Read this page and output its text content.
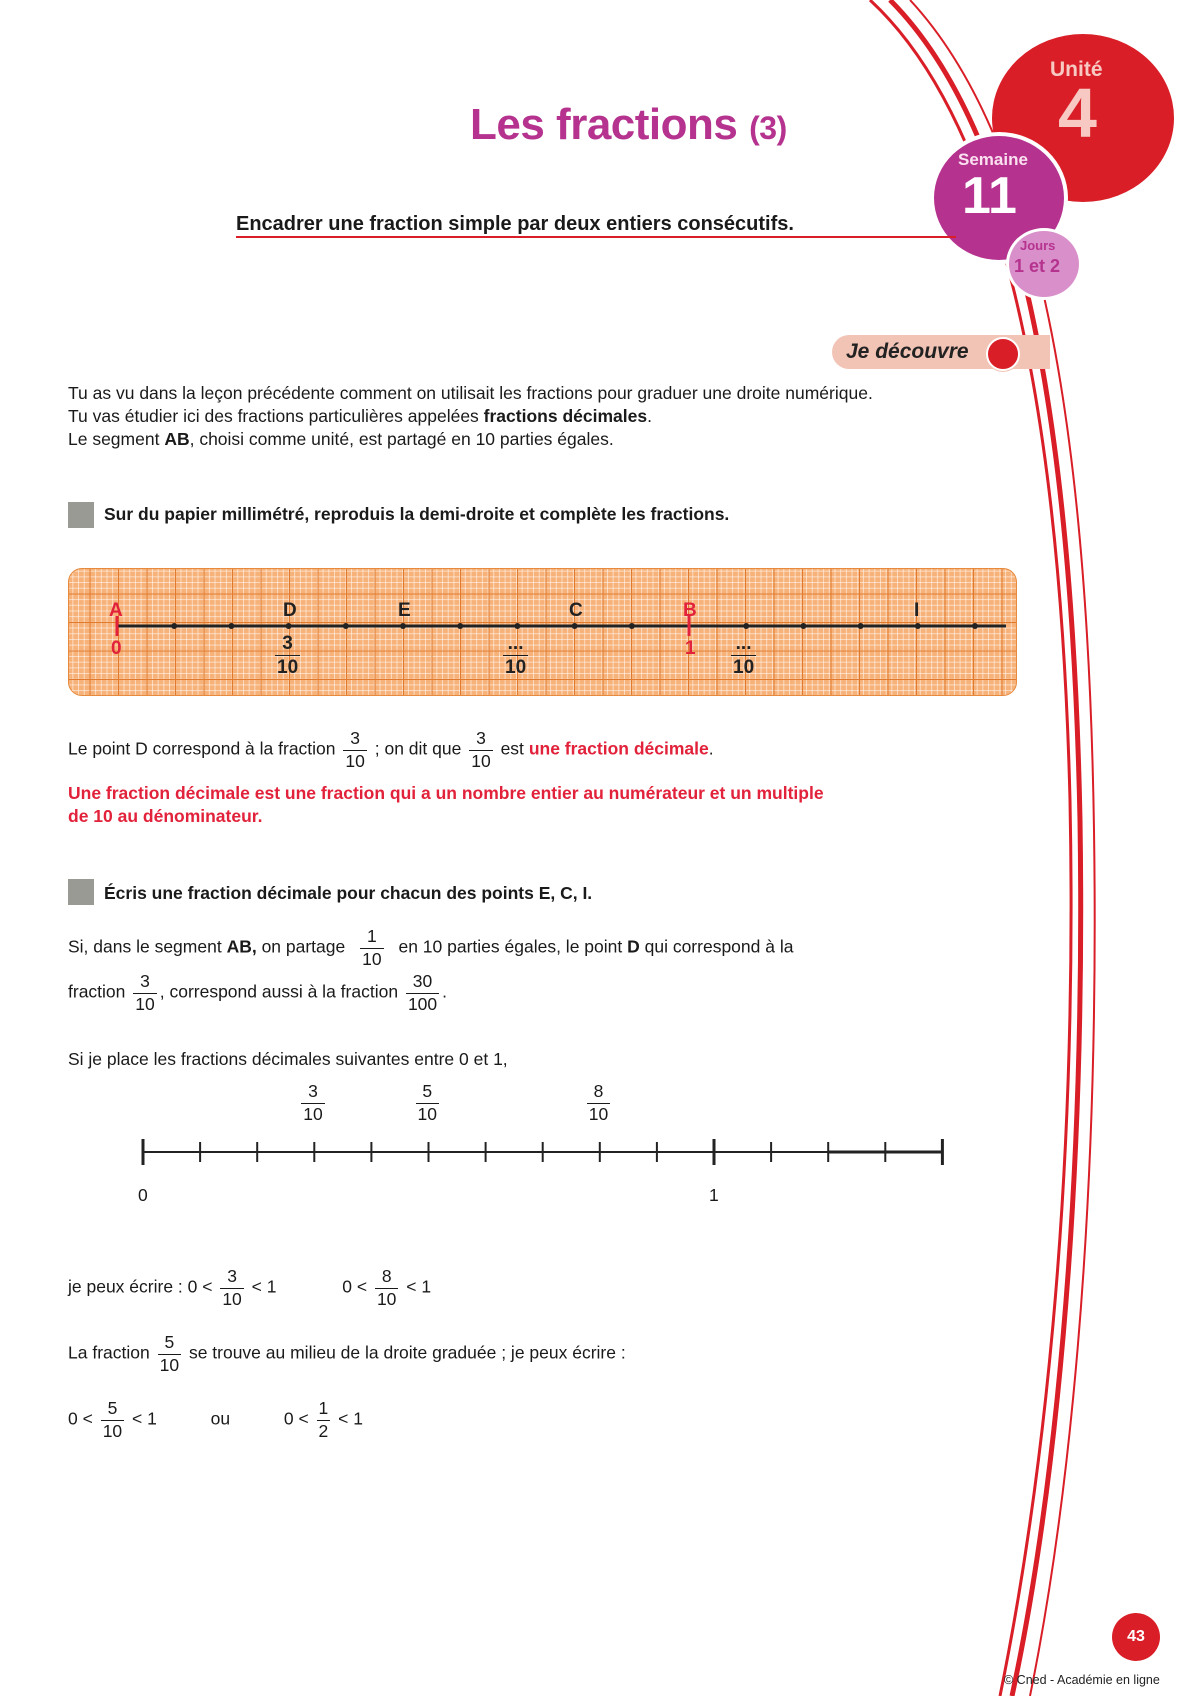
Unité
4
Semaine
11
Jours
1 et 2
Les fractions (3)
Encadrer une fraction simple par deux entiers consécutifs.
Je découvre
Tu as vu dans la leçon précédente comment on utilisait les fractions pour graduer une droite numérique.
Tu vas étudier ici des fractions particulières appelées fractions décimales.
Le segment AB, choisi comme unité, est partagé en 10 parties égales.
Sur du papier millimétré, reproduis la demi-droite et complète les fractions.
A	D	E	C	B	I
0	1
$\frac{3}{10}$	$\frac{...}{10}$	$\frac{...}{10}$
Le point D correspond à la fraction $\frac{3}{10}$ ; on dit que $\frac{3}{10}$ est une fraction décimale.
Une fraction décimale est une fraction qui a un nombre entier au numérateur et un multiple
de 10 au dénominateur.
Écris une fraction décimale pour chacun des points E, C, I.
Si, dans le segment AB, on partage $\frac{1}{10}$ en 10 parties égales, le point D qui correspond à la
fraction $\frac{3}{10}$ , correspond aussi à la fraction $\frac{30}{100}$ .
Si je place les fractions décimales suivantes entre 0 et 1,
$\frac{3}{10}$	$\frac{5}{10}$	$\frac{8}{10}$
0	1
je peux écrire : $0 < \frac{3}{10} < 1$	$0 < \frac{8}{10} < 1$
La fraction $\frac{5}{10}$ se trouve au milieu de la droite graduée ; je peux écrire :
$0 < \frac{5}{10} < 1$	ou	$0 < \frac{1}{2} < 1$
43
© Cned - Académie en ligne
